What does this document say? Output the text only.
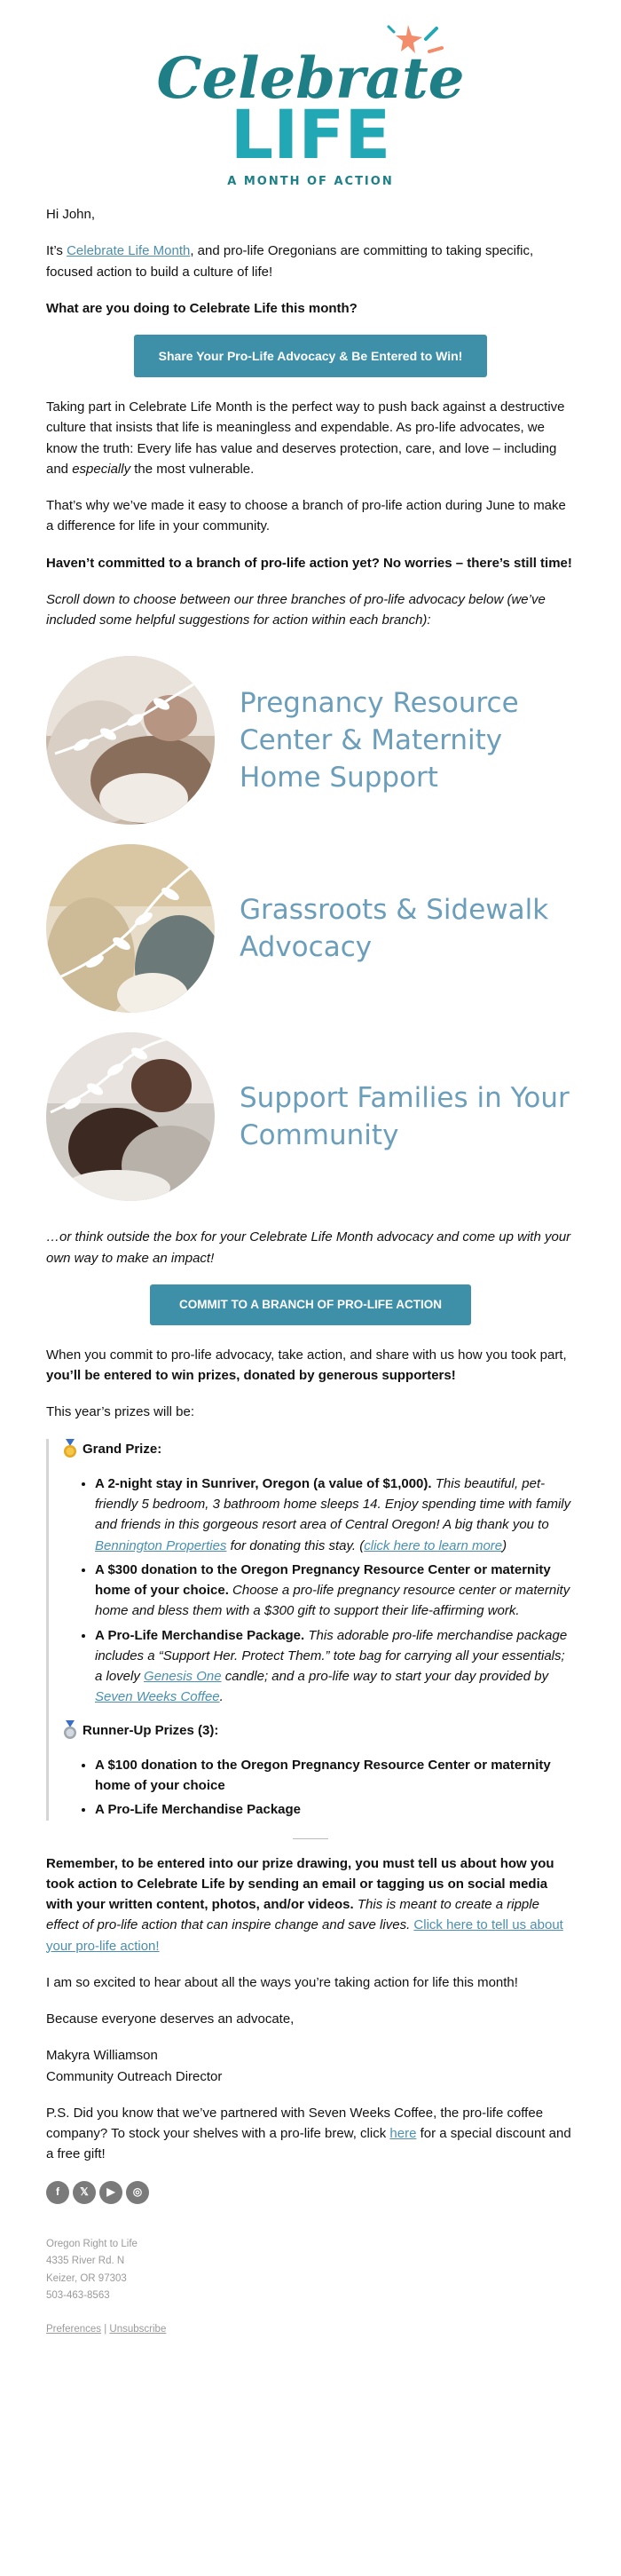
Celebrate
LIFE
A MONTH OF ACTION

Hi John,

It’s Celebrate Life Month, and pro-life Oregonians are committing to taking specific, focused action to build a culture of life!

What are you doing to Celebrate Life this month?

Share Your Pro-Life Advocacy & Be Entered to Win!

Taking part in Celebrate Life Month is the perfect way to push back against a destructive culture that insists that life is meaningless and expendable. As pro-life advocates, we know the truth: Every life has value and deserves protection, care, and love – including and especially the most vulnerable.

That’s why we’ve made it easy to choose a branch of pro-life action during June to make a difference for life in your community.

Haven’t committed to a branch of pro-life action yet? No worries – there’s still time!

Scroll down to choose between our three branches of pro-life advocacy below (we’ve included some helpful suggestions for action within each branch):

Pregnancy Resource Center & Maternity Home Support
Grassroots & Sidewalk Advocacy
Support Families in Your Community

…or think outside the box for your Celebrate Life Month advocacy and come up with your own way to make an impact!

COMMIT TO A BRANCH OF PRO-LIFE ACTION

When you commit to pro-life advocacy, take action, and share with us how you took part, you’ll be entered to win prizes, donated by generous supporters!

This year’s prizes will be:

Grand Prize:
• A 2-night stay in Sunriver, Oregon (a value of $1,000). This beautiful, pet-friendly 5 bedroom, 3 bathroom home sleeps 14. Enjoy spending time with family and friends in this gorgeous resort area of Central Oregon! A big thank you to Bennington Properties for donating this stay. (click here to learn more)
• A $300 donation to the Oregon Pregnancy Resource Center or maternity home of your choice. Choose a pro-life pregnancy resource center or maternity home and bless them with a $300 gift to support their life-affirming work.
• A Pro-Life Merchandise Package. This adorable pro-life merchandise package includes a “Support Her. Protect Them.” tote bag for carrying all your essentials; a lovely Genesis One candle; and a pro-life way to start your day provided by Seven Weeks Coffee.
Runner-Up Prizes (3):
• A $100 donation to the Oregon Pregnancy Resource Center or maternity home of your choice
• A Pro-Life Merchandise Package

Remember, to be entered into our prize drawing, you must tell us about how you took action to Celebrate Life by sending an email or tagging us on social media with your written content, photos, and/or videos. This is meant to create a ripple effect of pro-life action that can inspire change and save lives. Click here to tell us about your pro-life action!

I am so excited to hear about all the ways you’re taking action for life this month!

Because everyone deserves an advocate,

Makyra Williamson
Community Outreach Director

P.S. Did you know that we’ve partnered with Seven Weeks Coffee, the pro-life coffee company? To stock your shelves with a pro-life brew, click here for a special discount and a free gift!

f	𝕏	▶	◎
Oregon Right to Life
4335 River Rd. N
Keizer, OR 97303
503-463-8563
Preferences | Unsubscribe
